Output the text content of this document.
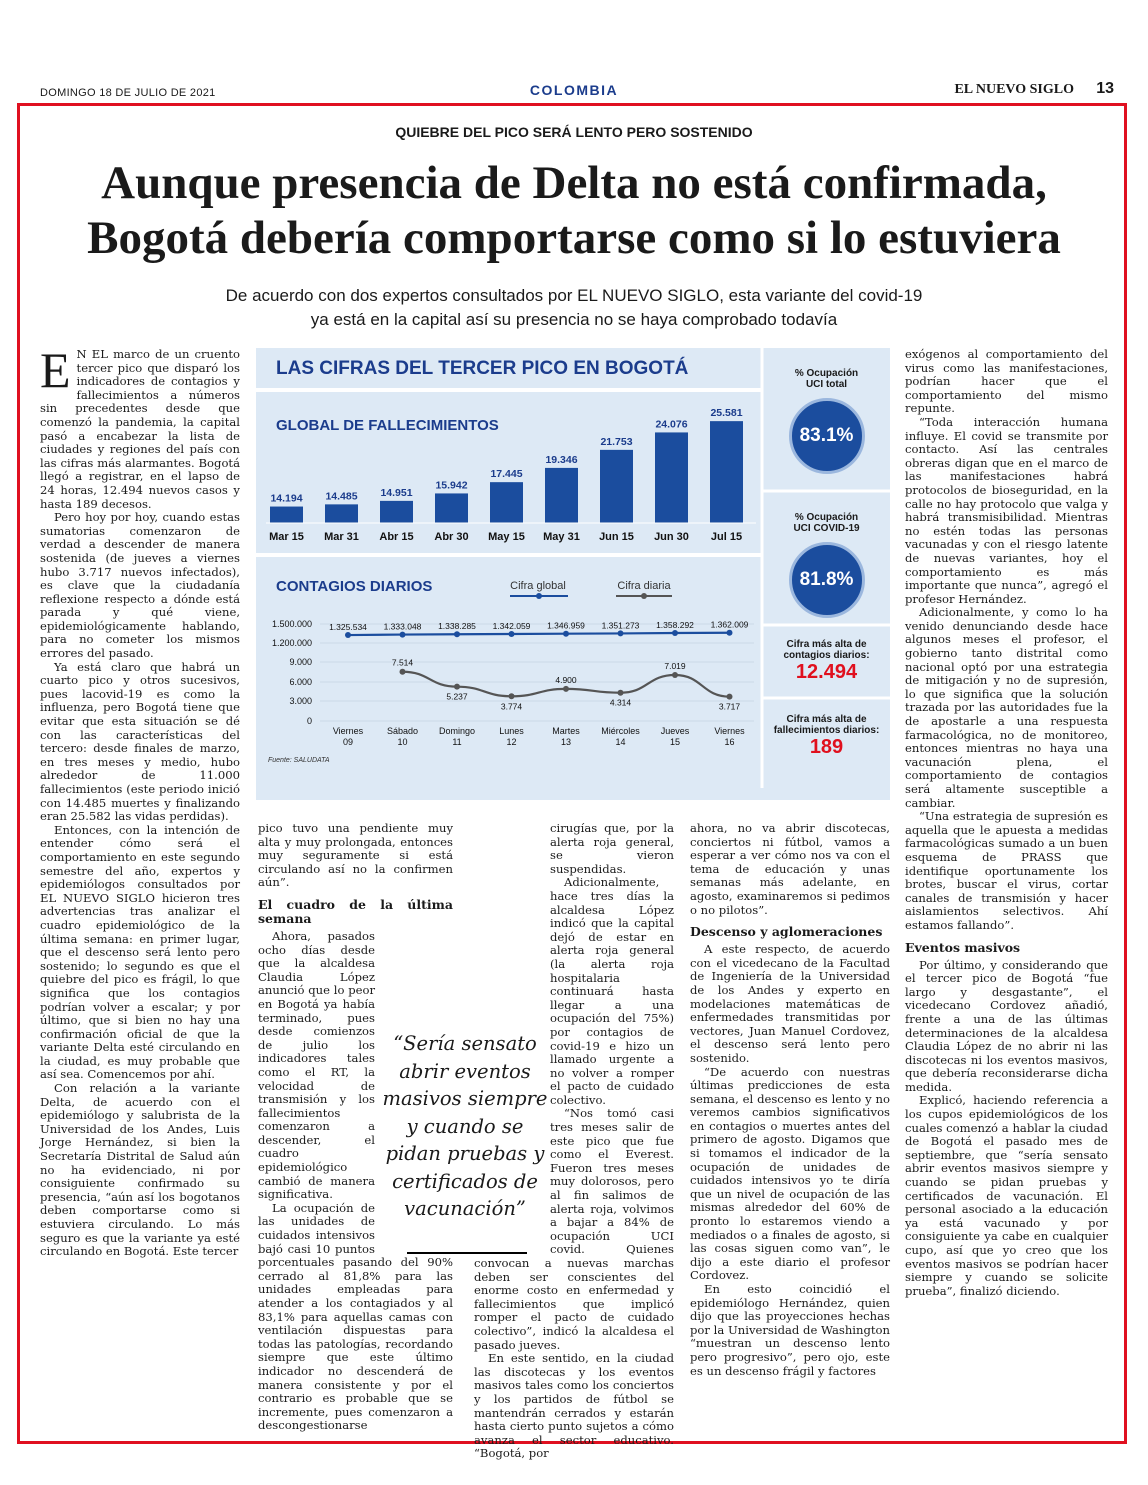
DOMINGO 18 DE JULIO DE 2021	COLOMBIA	EL NUEVO SIGLO	13
QUIEBRE DEL PICO SERÁ LENTO PERO SOSTENIDO
Aunque presencia de Delta no está confirmada,
Bogotá debería comportarse como si lo estuviera
De acuerdo con dos expertos consultados por EL NUEVO SIGLO, esta variante del covid-19
ya está en la capital así su presencia no se haya comprobado todavía

E N EL marco de un cruento tercer pico que disparó los indicadores de contagios y fallecimientos a números sin precedentes desde que comenzó la pandemia, la capital pasó a encabezar la lista de ciudades y regiones del país con las cifras más alarmantes. Bogotá llegó a registrar, en el lapso de 24 horas, 12.494 nuevos casos y hasta 189 decesos.

Pero hoy por hoy, cuando estas sumatorias comenzaron de verdad a descender de manera sostenida (de jueves a viernes hubo 3.717 nuevos infectados), es clave que la ciudadanía reflexione respecto a dónde está parada y qué viene, epidemiológicamente hablando, para no cometer los mismos errores del pasado.

Ya está claro que habrá un cuarto pico y otros sucesivos, pues lacovid-19 es como la influenza, pero Bogotá tiene que evitar que esta situación se dé con las características del tercero: desde finales de marzo, en tres meses y medio, hubo alrededor de 11.000 fallecimientos (este periodo inició con 14.485 muertes y finalizando eran 25.582 las vidas perdidas).

Entonces, con la intención de entender cómo será el comportamiento en este segundo semestre del año, expertos y epidemiólogos consultados por EL NUEVO SIGLO hicieron tres advertencias tras analizar el cuadro epidemiológico de la última semana: en primer lugar, que el descenso será lento pero sostenido; lo segundo es que el quiebre del pico es frágil, lo que significa que los contagios podrían volver a escalar; y por último, que si bien no hay una confirmación oficial de que la variante Delta esté circulando en la ciudad, es muy probable que así sea. Comencemos por ahí.

Con relación a la variante Delta, de acuerdo con el epidemiólogo y salubrista de la Universidad de los Andes, Luis Jorge Hernández, si bien la Secretaría Distrital de Salud aún no ha evidenciado, ni por consiguiente confirmado su presencia, “aún así los bogotanos deben comportarse como si estuviera circulando. Lo más seguro es que la variante ya esté circulando en Bogotá. Este tercer

LAS CIFRAS DEL TERCER PICO EN BOGOTÁ
GLOBAL DE FALLECIMIENTOS
14.194
Mar 15
14.485
Mar 31
14.951
Abr 15
15.942
Abr 30
17.445
May 15
19.346
May 31
21.753
Jun 15
24.076
Jun 30
25.581
Jul 15
CONTAGIOS DIARIOS	Cifra global	Cifra diaria
1.500.000
1.200.000
9.000
6.000
3.000
0
1.325.534 1.333.048 1.338.285 1.342.059 1.346.959 1.351.273 1.358.292 1.362.009
7.514
5.237
3.774
4.900
4.314
7.019
3.717
Viernes
09
Sábado
10
Domingo
11
Lunes
12
Martes
13
Miércoles
14
Jueves
15
Viernes
16
Fuente: SALUDATA
% Ocupación UCI total
83.1%
% Ocupación UCI COVID-19
81.8%
Cifra más alta de contagios diarios:
12.494
Cifra más alta de fallecimientos diarios:
189

pico tuvo una pendiente muy alta y muy prolongada, entonces muy seguramente si está circulando así no la confirmen aún”.

El cuadro de la última semana

Ahora, pasados ocho días desde que la alcaldesa Claudia López anunció que lo peor en Bogotá ya había terminado, pues desde comienzos de julio los indicadores tales como el RT, la velocidad de transmisión y los fallecimientos comenzaron a descender, el cuadro epidemiológico cambió de manera significativa.

La ocupación de las unidades de cuidados intensivos bajó casi 10 puntos porcentuales pasando del 90% cerrado al 81,8% para las unidades empleadas para atender a los contagiados y al 83,1% para aquellas camas con ventilación dispuestas para todas las patologías, recordando siempre que este último indicador no descenderá de manera consistente y por el contrario es probable que se incremente, pues comenzaron a descongestionarse

cirugías que, por la alerta roja general, se vieron suspendidas.

Adicionalmente, hace tres días la alcaldesa López indicó que la capital dejó de estar en alerta roja general (la alerta roja hospitalaria continuará hasta llegar a una ocupación del 75%) por contagios de covid-19 e hizo un llamado urgente a no volver a romper el pacto de cuidado colectivo.

“Nos tomó casi tres meses salir de este pico que fue como el Everest. Fueron tres meses muy dolorosos, pero al fin salimos de alerta roja, volvimos a bajar a 84% de ocupación UCI covid. Quienes convocan a nuevas marchas deben ser conscientes del enorme costo en enfermedad y fallecimientos que implicó romper el pacto de cuidado colectivo”, indicó la alcaldesa el pasado jueves.

En este sentido, en la ciudad las discotecas y los eventos masivos tales como los conciertos y los partidos de fútbol se mantendrán cerrados y estarán hasta cierto punto sujetos a cómo avanza el sector educativo. “Bogotá, por

“Sería sensato abrir eventos masivos siempre y cuando se pidan pruebas y certificados de vacunación”

ahora, no va abrir discotecas, conciertos ni fútbol, vamos a esperar a ver cómo nos va con el tema de educación y unas semanas más adelante, en agosto, examinaremos si pedimos o no pilotos”.

Descenso y aglomeraciones

A este respecto, de acuerdo con el vicedecano de la Facultad de Ingeniería de la Universidad de los Andes y experto en modelaciones matemáticas de enfermedades transmitidas por vectores, Juan Manuel Cordovez, el descenso será lento pero sostenido.

“De acuerdo con nuestras últimas predicciones de esta semana, el descenso es lento y no veremos cambios significativos en contagios o muertes antes del primero de agosto. Digamos que si tomamos el indicador de la ocupación de unidades de cuidados intensivos yo te diría que un nivel de ocupación de las mismas alrededor del 60% de pronto lo estaremos viendo a mediados o a finales de agosto, si las cosas siguen como van”, le dijo a este diario el profesor Cordovez.

En esto coincidió el epidemiólogo Hernández, quien dijo que las proyecciones hechas por la Universidad de Washington “muestran un descenso lento pero progresivo”, pero ojo, este es un descenso frágil y factores

exógenos al comportamiento del virus como las manifestaciones, podrían hacer que el comportamiento del mismo repunte.

“Toda interacción humana influye. El covid se transmite por contacto. Así las centrales obreras digan que en el marco de las manifestaciones habrá protocolos de bioseguridad, en la calle no hay protocolo que valga y habrá transmisibilidad. Mientras no estén todas las personas vacunadas y con el riesgo latente de nuevas variantes, hoy el comportamiento es más importante que nunca”, agregó el profesor Hernández.

Adicionalmente, y como lo ha venido denunciando desde hace algunos meses el profesor, el gobierno tanto distrital como nacional optó por una estrategia de mitigación y no de supresión, lo que significa que la solución trazada por las autoridades fue la de apostarle a una respuesta farmacológica, no de monitoreo, entonces mientras no haya una vacunación plena, el comportamiento de contagios será altamente susceptible a cambiar.

“Una estrategia de supresión es aquella que le apuesta a medidas farmacológicas sumado a un buen esquema de PRASS que identifique oportunamente los brotes, buscar el virus, cortar canales de transmisión y hacer aislamientos selectivos. Ahí estamos fallando”.

Eventos masivos

Por último, y considerando que el tercer pico de Bogotá “fue largo y desgastante”, el vicedecano Cordovez añadió, frente a una de las últimas determinaciones de la alcaldesa Claudia López de no abrir ni las discotecas ni los eventos masivos, que debería reconsiderarse dicha medida.

Explicó, haciendo referencia a los cupos epidemiológicos de los cuales comenzó a hablar la ciudad de Bogotá el pasado mes de septiembre, que “sería sensato abrir eventos masivos siempre y cuando se pidan pruebas y certificados de vacunación. El personal asociado a la educación ya está vacunado y por consiguiente ya cabe en cualquier cupo, así que yo creo que los eventos masivos se podrían hacer siempre y cuando se solicite prueba”, finalizó diciendo.
